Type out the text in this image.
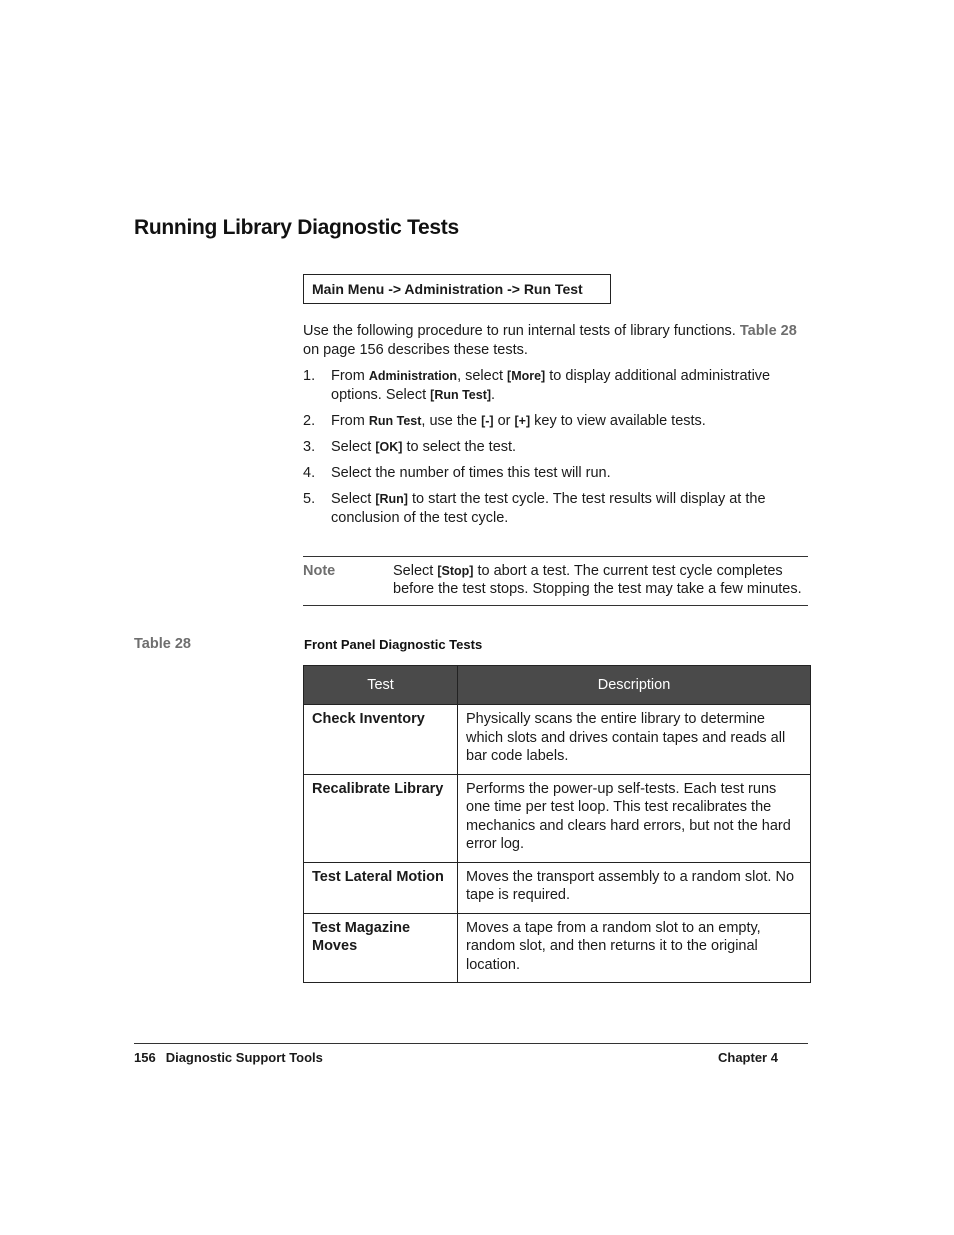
Running Library Diagnostic Tests
Main Menu -> Administration -> Run Test
Use the following procedure to run internal tests of library functions. Table 28
on page 156 describes these tests.
1.	From Administration, select [More] to display additional administrative options. Select [Run Test].
2.	From Run Test, use the [-] or [+] key to view available tests.
3.	Select [OK] to select the test.
4.	Select the number of times this test will run.
5.	Select [Run] to start the test cycle. The test results will display at the conclusion of the test cycle.
Note	Select [Stop] to abort a test. The current test cycle completes before the test stops. Stopping the test may take a few minutes.
Table 28	Front Panel Diagnostic Tests
Test	Description
Check Inventory	Physically scans the entire library to determine which slots and drives contain tapes and reads all bar code labels.
Recalibrate Library	Performs the power-up self-tests. Each test runs one time per test loop. This test recalibrates the mechanics and clears hard errors, but not the hard error log.
Test Lateral Motion	Moves the transport assembly to a random slot. No tape is required.
Test Magazine Moves	Moves a tape from a random slot to an empty, random slot, and then returns it to the original location.
156 Diagnostic Support Tools	Chapter 4
